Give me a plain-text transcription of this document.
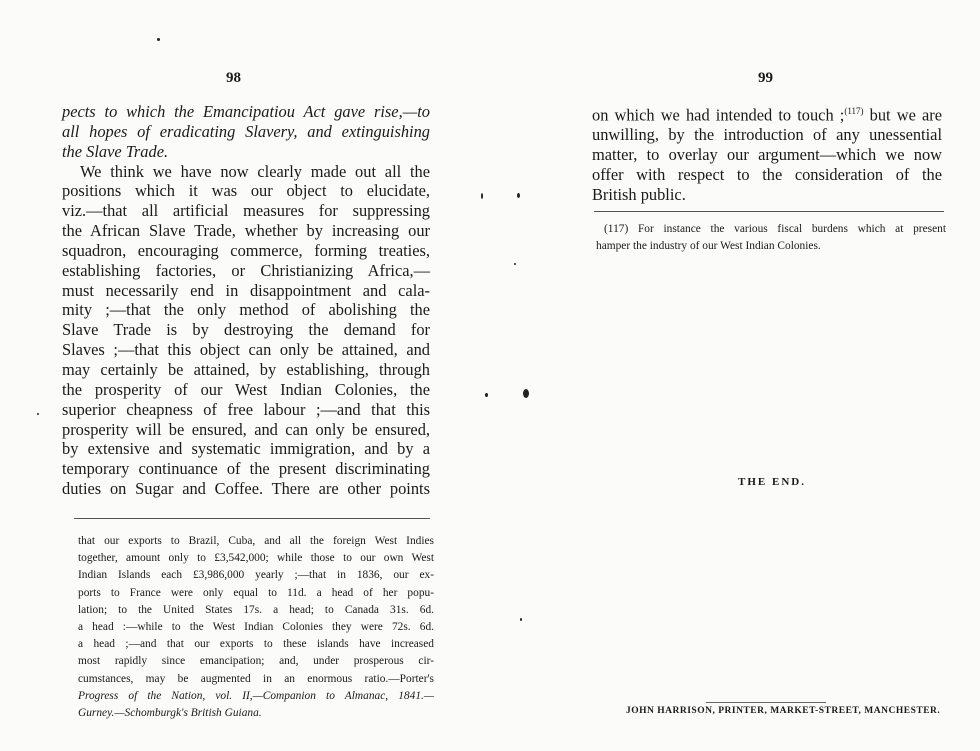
98
pects to which the Emancipatiou Act gave rise,—to
all hopes of eradicating Slavery, and extinguishing
the Slave Trade.
We think we have now clearly made out all the
positions which it was our object to elucidate,
viz.—that all artificial measures for suppressing
the African Slave Trade, whether by increasing our
squadron, encouraging commerce, forming treaties,
establishing factories, or Christianizing Africa,—
must necessarily end in disappointment and cala-
mity ;—that the only method of abolishing the
Slave Trade is by destroying the demand for
Slaves ;—that this object can only be attained, and
may certainly be attained, by establishing, through
the prosperity of our West Indian Colonies, the
superior cheapness of free labour ;—and that this
prosperity will be ensured, and can only be ensured,
by extensive and systematic immigration, and by a
temporary continuance of the present discriminating
duties on Sugar and Coffee. There are other points
that our exports to Brazil, Cuba, and all the foreign West Indies
together, amount only to £3,542,000; while those to our own West
Indian Islands each £3,986,000 yearly ;—that in 1836, our ex-
ports to France were only equal to 11d. a head of her popu-
lation; to the United States 17s. a head; to Canada 31s. 6d.
a head :—while to the West Indian Colonies they were 72s. 6d.
a head ;—and that our exports to these islands have increased
most rapidly since emancipation; and, under prosperous cir-
cumstances, may be augmented in an enormous ratio.—Porter's
Progress of the Nation, vol. II,—Companion to Almanac, 1841.—
Gurney.—Schomburgk's British Guiana.
99
on which we had intended to touch ;$^{(117)}$ but we are
unwilling, by the introduction of any unessential
matter, to overlay our argument—which we now
offer with respect to the consideration of the
British public.
(117) For instance the various fiscal burdens which at present
hamper the industry of our West Indian Colonies.
THE END.
JOHN HARRISON, PRINTER, MARKET-STREET, MANCHESTER.
